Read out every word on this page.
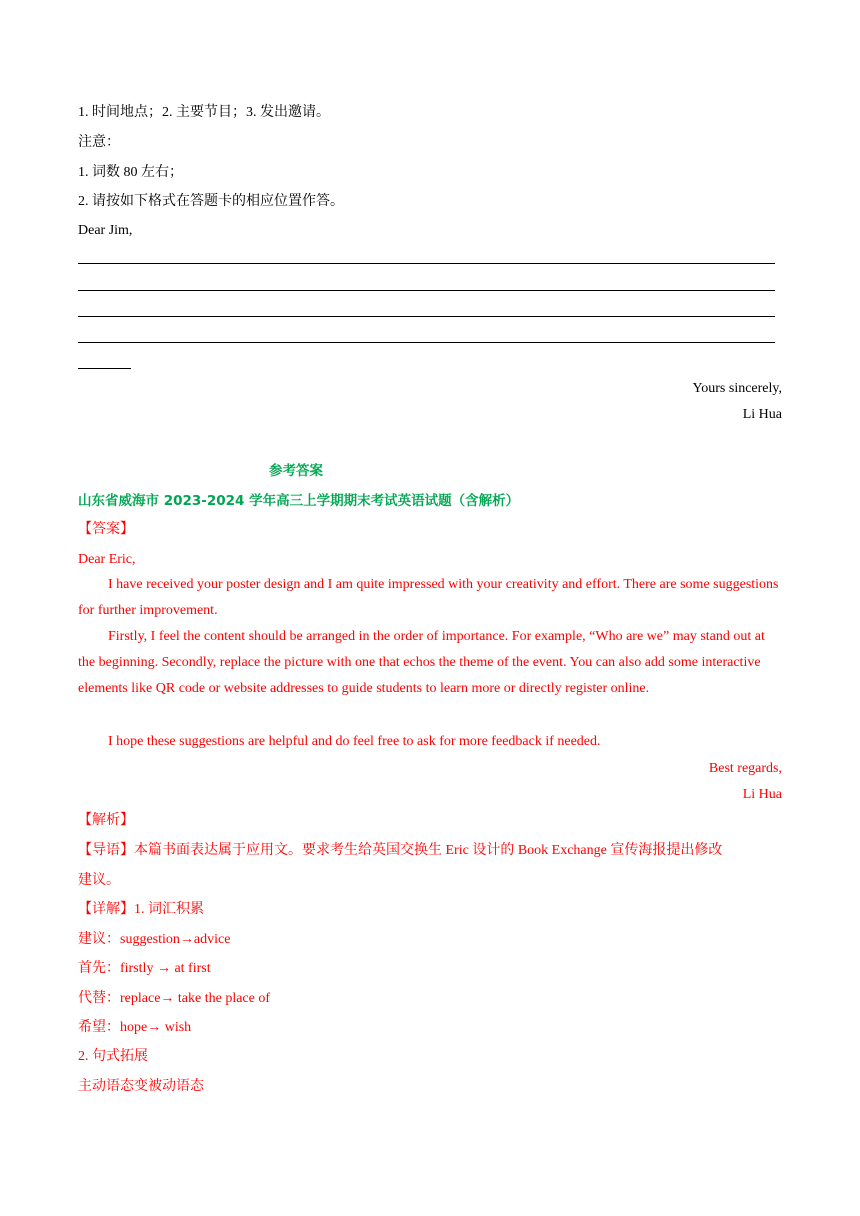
1. 时间地点；2. 主要节目；3. 发出邀请。
注意：
1. 词数 80 左右；
2. 请按如下格式在答题卡的相应位置作答。
Dear Jim,
Yours sincerely,
Li Hua
参考答案
山东省威海市 2023-2024 学年高三上学期期末考试英语试题（含解析）
【答案】
Dear Eric,
I have received your poster design and I am quite impressed with your creativity and effort. There are some suggestions for further improvement.
Firstly, I feel the content should be arranged in the order of importance. For example, “Who are we” may stand out at the beginning. Secondly, replace the picture with one that echos the theme of the event. You can also add some interactive elements like QR code or website addresses to guide students to learn more or directly register online.
I hope these suggestions are helpful and do feel free to ask for more feedback if needed.
Best regards,
Li Hua
【解析】
【导语】本篇书面表达属于应用文。要求考生给英国交换生 Eric 设计的 Book Exchange 宣传海报提出修改
建议。
【详解】1. 词汇积累
建议：suggestion→advice
首先：firstly → at first
代替：replace→ take the place of
希望：hope→ wish
2. 句式拓展
主动语态变被动语态
